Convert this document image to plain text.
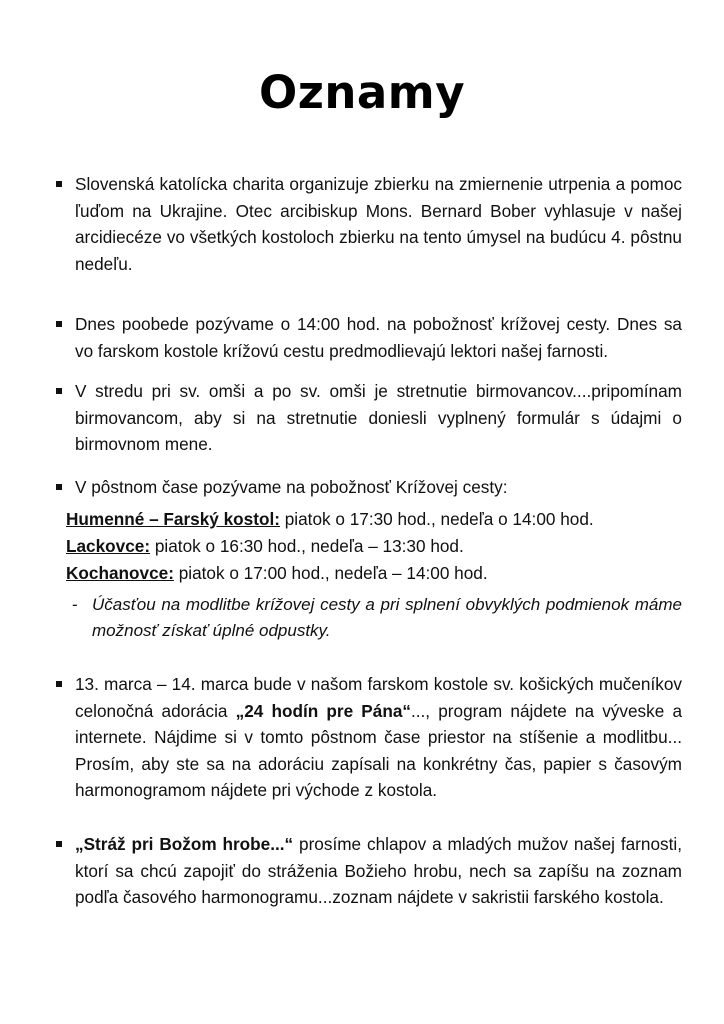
Oznamy
Slovenská katolícka charita organizuje zbierku na zmiernenie utrpenia a pomoc ľuďom na Ukrajine. Otec arcibiskup Mons. Bernard Bober vyhlasuje v našej arcidiecéze vo všetkých kostoloch zbierku na tento úmysel na budúcu 4. pôstnu nedeľu.
Dnes poobede pozývame o 14:00 hod. na pobožnosť krížovej cesty. Dnes sa vo farskom kostole krížovú cestu predmodlievajú lektori našej farnosti.
V stredu pri sv. omši a po sv. omši je stretnutie birmovancov....pripomínam birmovancom, aby si na stretnutie doniesli vyplnený formulár s údajmi o birmovnom mene.
V pôstnom čase pozývame na pobožnosť Krížovej cesty:
Humenné – Farský kostol: piatok o 17:30 hod., nedeľa o 14:00 hod.
Lackovce: piatok o 16:30 hod., nedeľa – 13:30 hod.
Kochanovce: piatok o 17:00 hod., nedeľa – 14:00 hod.
- Účasťou na modlitbe krížovej cesty a pri splnení obvyklých podmienok máme možnosť získať úplné odpustky.
13. marca – 14. marca bude v našom farskom kostole sv. košických mučeníkov celonočná adorácia „24 hodín pre Pána“..., program nájdete na vývеske a internete. Nájdime si v tomto pôstnom čase priestor na stíšenie a modlitbu... Prosím, aby ste sa na adoráciu zapísali na konkrétny čas, papier s časovým harmonogramom nájdete pri východe z kostola.
„Stráž pri Božom hrobe...“ prosíme chlapov a mladých mužov našej farnosti, ktorí sa chcú zapojiť do stráženia Božieho hrobu, nech sa zapíšu na zoznam podľa časového harmonogramu...zoznam nájdete v sakristii farského kostola.
